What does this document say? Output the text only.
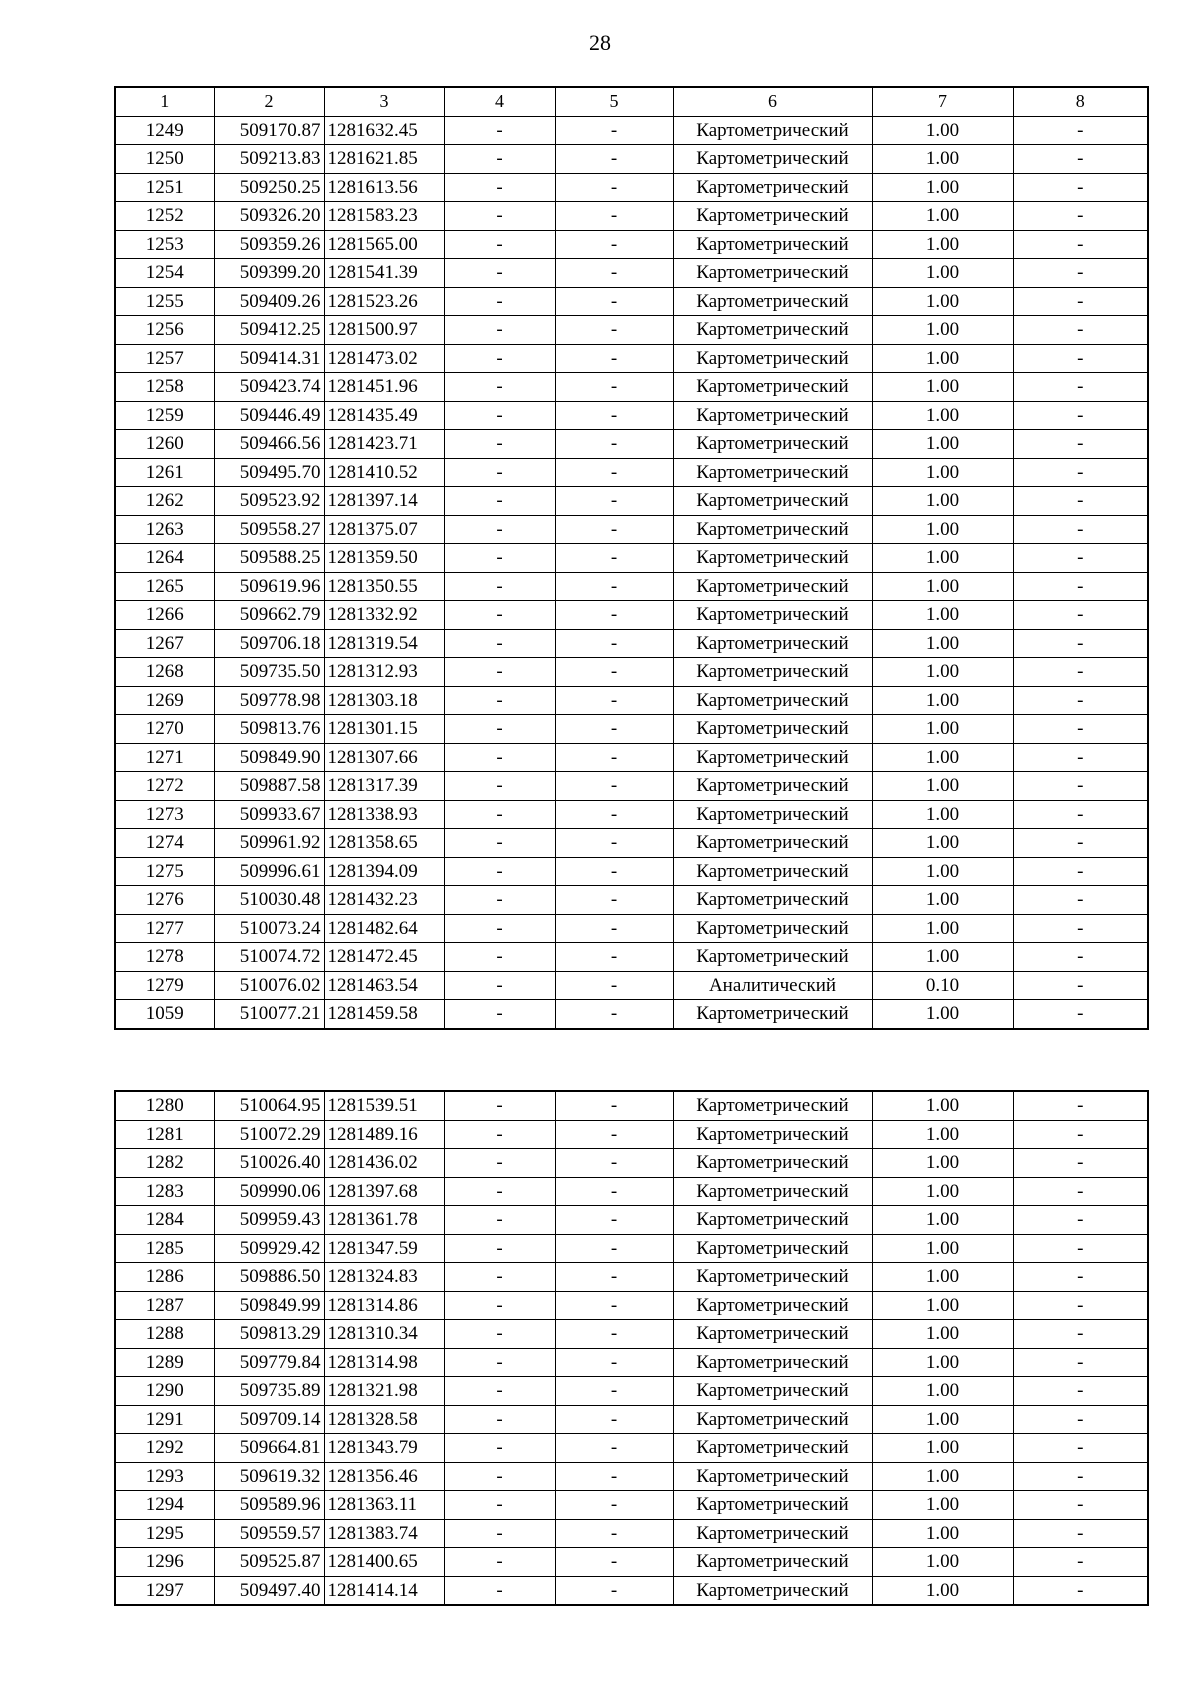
28
1	2	3	4	5	6	7	8
1249	509170.87	1281632.45	-	-	Картометрический	1.00	-
1250	509213.83	1281621.85	-	-	Картометрический	1.00	-
1251	509250.25	1281613.56	-	-	Картометрический	1.00	-
1252	509326.20	1281583.23	-	-	Картометрический	1.00	-
1253	509359.26	1281565.00	-	-	Картометрический	1.00	-
1254	509399.20	1281541.39	-	-	Картометрический	1.00	-
1255	509409.26	1281523.26	-	-	Картометрический	1.00	-
1256	509412.25	1281500.97	-	-	Картометрический	1.00	-
1257	509414.31	1281473.02	-	-	Картометрический	1.00	-
1258	509423.74	1281451.96	-	-	Картометрический	1.00	-
1259	509446.49	1281435.49	-	-	Картометрический	1.00	-
1260	509466.56	1281423.71	-	-	Картометрический	1.00	-
1261	509495.70	1281410.52	-	-	Картометрический	1.00	-
1262	509523.92	1281397.14	-	-	Картометрический	1.00	-
1263	509558.27	1281375.07	-	-	Картометрический	1.00	-
1264	509588.25	1281359.50	-	-	Картометрический	1.00	-
1265	509619.96	1281350.55	-	-	Картометрический	1.00	-
1266	509662.79	1281332.92	-	-	Картометрический	1.00	-
1267	509706.18	1281319.54	-	-	Картометрический	1.00	-
1268	509735.50	1281312.93	-	-	Картометрический	1.00	-
1269	509778.98	1281303.18	-	-	Картометрический	1.00	-
1270	509813.76	1281301.15	-	-	Картометрический	1.00	-
1271	509849.90	1281307.66	-	-	Картометрический	1.00	-
1272	509887.58	1281317.39	-	-	Картометрический	1.00	-
1273	509933.67	1281338.93	-	-	Картометрический	1.00	-
1274	509961.92	1281358.65	-	-	Картометрический	1.00	-
1275	509996.61	1281394.09	-	-	Картометрический	1.00	-
1276	510030.48	1281432.23	-	-	Картометрический	1.00	-
1277	510073.24	1281482.64	-	-	Картометрический	1.00	-
1278	510074.72	1281472.45	-	-	Картометрический	1.00	-
1279	510076.02	1281463.54	-	-	Аналитический	0.10	-
1059	510077.21	1281459.58	-	-	Картометрический	1.00	-
1280	510064.95	1281539.51	-	-	Картометрический	1.00	-
1281	510072.29	1281489.16	-	-	Картометрический	1.00	-
1282	510026.40	1281436.02	-	-	Картометрический	1.00	-
1283	509990.06	1281397.68	-	-	Картометрический	1.00	-
1284	509959.43	1281361.78	-	-	Картометрический	1.00	-
1285	509929.42	1281347.59	-	-	Картометрический	1.00	-
1286	509886.50	1281324.83	-	-	Картометрический	1.00	-
1287	509849.99	1281314.86	-	-	Картометрический	1.00	-
1288	509813.29	1281310.34	-	-	Картометрический	1.00	-
1289	509779.84	1281314.98	-	-	Картометрический	1.00	-
1290	509735.89	1281321.98	-	-	Картометрический	1.00	-
1291	509709.14	1281328.58	-	-	Картометрический	1.00	-
1292	509664.81	1281343.79	-	-	Картометрический	1.00	-
1293	509619.32	1281356.46	-	-	Картометрический	1.00	-
1294	509589.96	1281363.11	-	-	Картометрический	1.00	-
1295	509559.57	1281383.74	-	-	Картометрический	1.00	-
1296	509525.87	1281400.65	-	-	Картометрический	1.00	-
1297	509497.40	1281414.14	-	-	Картометрический	1.00	-
